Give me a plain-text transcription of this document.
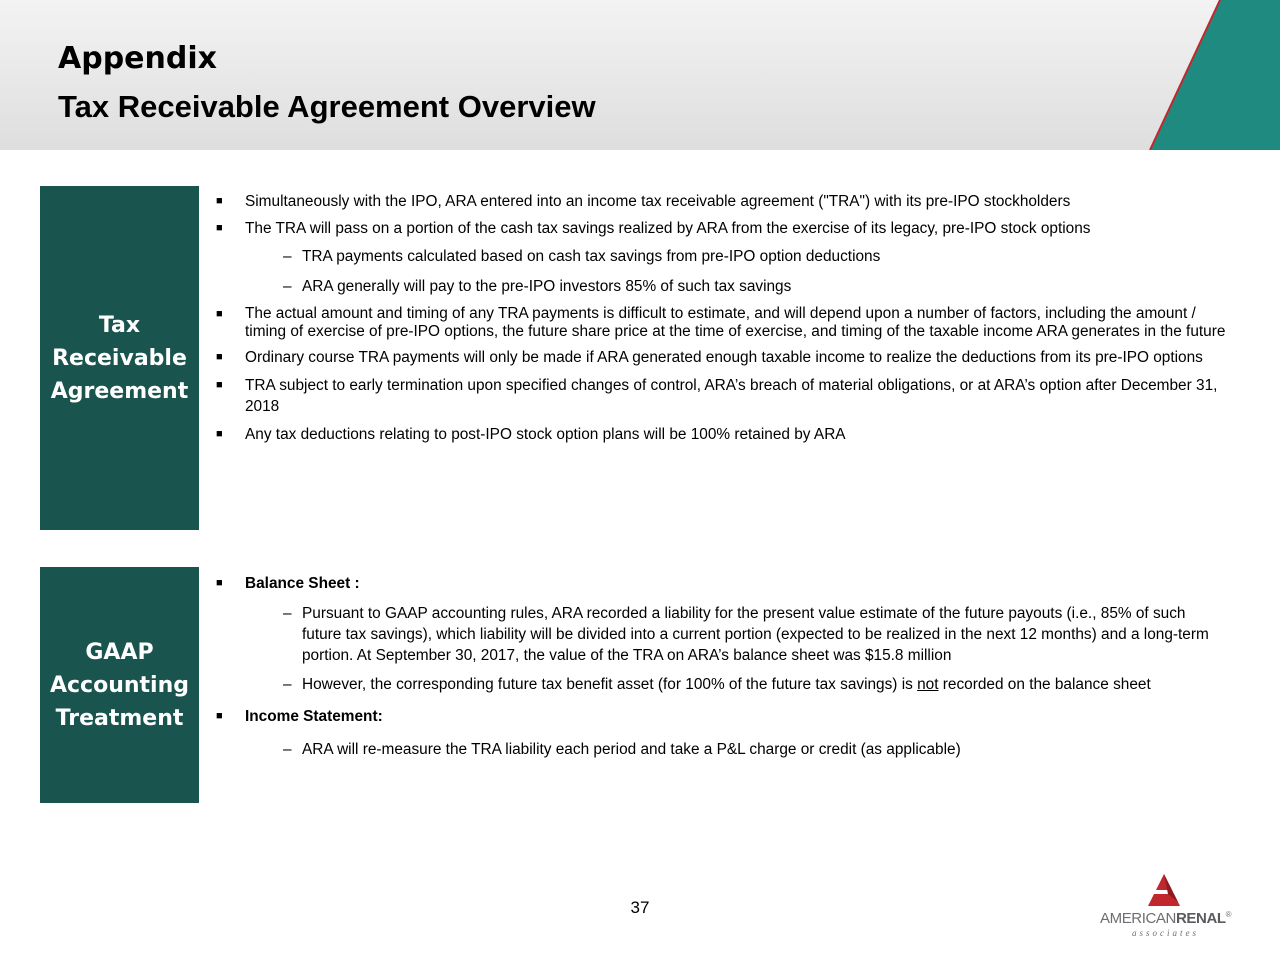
Appendix
Tax Receivable Agreement Overview
Tax
Receivable
Agreement

■ Simultaneously with the IPO, ARA entered into an income tax receivable agreement ("TRA") with its pre-IPO stockholders

■ The TRA will pass on a portion of the cash tax savings realized by ARA from the exercise of its legacy, pre-IPO stock options

– TRA payments calculated based on cash tax savings from pre-IPO option deductions

– ARA generally will pay to the pre-IPO investors 85% of such tax savings

■ The actual amount and timing of any TRA payments is difficult to estimate, and will depend upon a number of factors, including the amount / timing of exercise of pre-IPO options, the future share price at the time of exercise, and timing of the taxable income ARA generates in the future

■ Ordinary course TRA payments will only be made if ARA generated enough taxable income to realize the deductions from its pre-IPO options

■ TRA subject to early termination upon specified changes of control, ARA’s breach of material obligations, or at ARA’s option after December 31, 2018

■ Any tax deductions relating to post-IPO stock option plans will be 100% retained by ARA

GAAP
Accounting
Treatment

■ Balance Sheet :

– Pursuant to GAAP accounting rules, ARA recorded a liability for the present value estimate of the future payouts (i.e., 85% of such future tax savings), which liability will be divided into a current portion (expected to be realized in the next 12 months) and a long-term portion. At September 30, 2017, the value of the TRA on ARA’s balance sheet was $15.8 million

– However, the corresponding future tax benefit asset (for 100% of the future tax savings) is not recorded on the balance sheet

■ Income Statement:

– ARA will re-measure the TRA liability each period and take a P&L charge or credit (as applicable)

37
AMERICANRENAL®
associates
